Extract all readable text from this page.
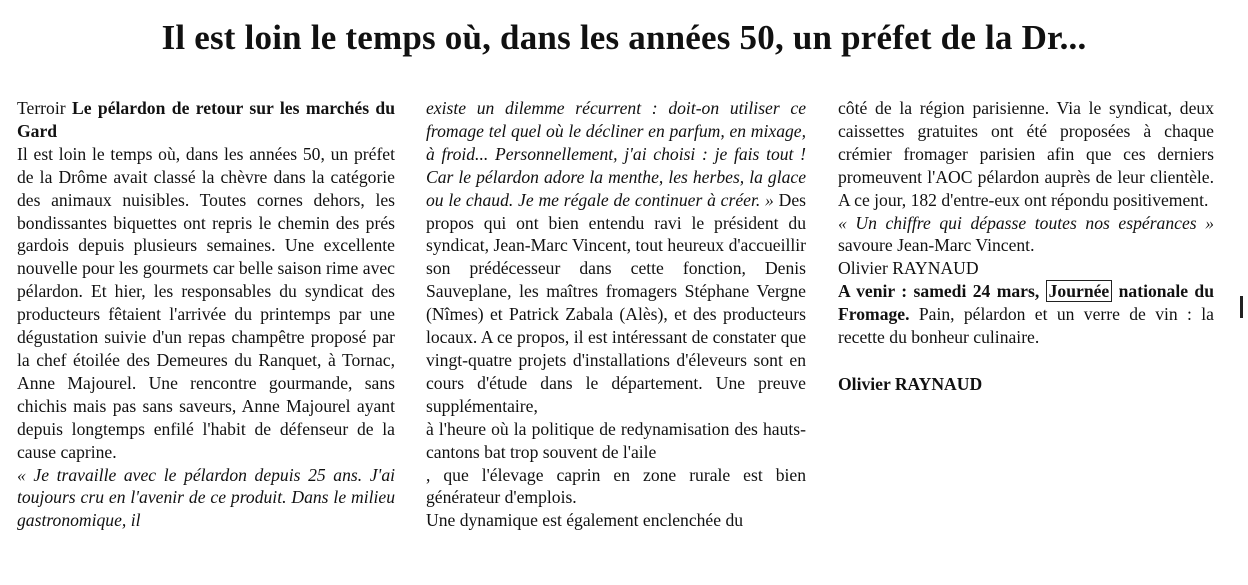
Il est loin le temps où, dans les années 50, un préfet de la Dr...

Terroir Le pélardon de retour sur les marchés du Gard

Il est loin le temps où, dans les années 50, un préfet de la Drôme avait classé la chèvre dans la catégorie des animaux nuisibles. Toutes cornes dehors, les bondissantes biquettes ont repris le chemin des prés gardois depuis plusieurs semaines. Une excellente nouvelle pour les gourmets car belle saison rime avec pélardon. Et hier, les responsables du syndicat des producteurs fêtaient l'arrivée du printemps par une dégustation suivie d'un repas champêtre proposé par la chef étoilée des Demeures du Ranquet, à Tornac, Anne Majourel. Une rencontre gourmande, sans chichis mais pas sans saveurs, Anne Majourel ayant depuis longtemps enfilé l'habit de défenseur de la cause caprine.

« Je travaille avec le pélardon depuis 25 ans. J'ai toujours cru en l'avenir de ce produit. Dans le milieu gastronomique, il

existe un dilemme récurrent : doit-on utiliser ce fromage tel quel où le décliner en parfum, en mixage, à froid... Personnellement, j'ai choisi : je fais tout ! Car le pélardon adore la menthe, les herbes, la glace ou le chaud. Je me régale de continuer à créer. » Des propos qui ont bien entendu ravi le président du syndicat, Jean-Marc Vincent, tout heureux d'accueillir son prédécesseur dans cette fonction, Denis Sauveplane, les maîtres fromagers Stéphane Vergne (Nîmes) et Patrick Zabala (Alès), et des producteurs locaux. A ce propos, il est intéressant de constater que vingt-quatre projets d'installations d'éleveurs sont en cours d'étude dans le département. Une preuve supplémentaire,

à l'heure où la politique de redynamisation des hauts-cantons bat trop souvent de l'aile

, que l'élevage caprin en zone rurale est bien générateur d'emplois.

Une dynamique est également enclenchée du

côté de la région parisienne. Via le syndicat, deux caissettes gratuites ont été proposées à chaque crémier fromager parisien afin que ces derniers promeuvent l'AOC pélardon auprès de leur clientèle. A ce jour, 182 d'entre-eux ont répondu positivement.

« Un chiffre qui dépasse toutes nos espérances » savoure Jean-Marc Vincent.

Olivier RAYNAUD

A venir : samedi 24 mars, Journée nationale du Fromage. Pain, pélardon et un verre de vin : la recette du bonheur culinaire.

Olivier RAYNAUD
